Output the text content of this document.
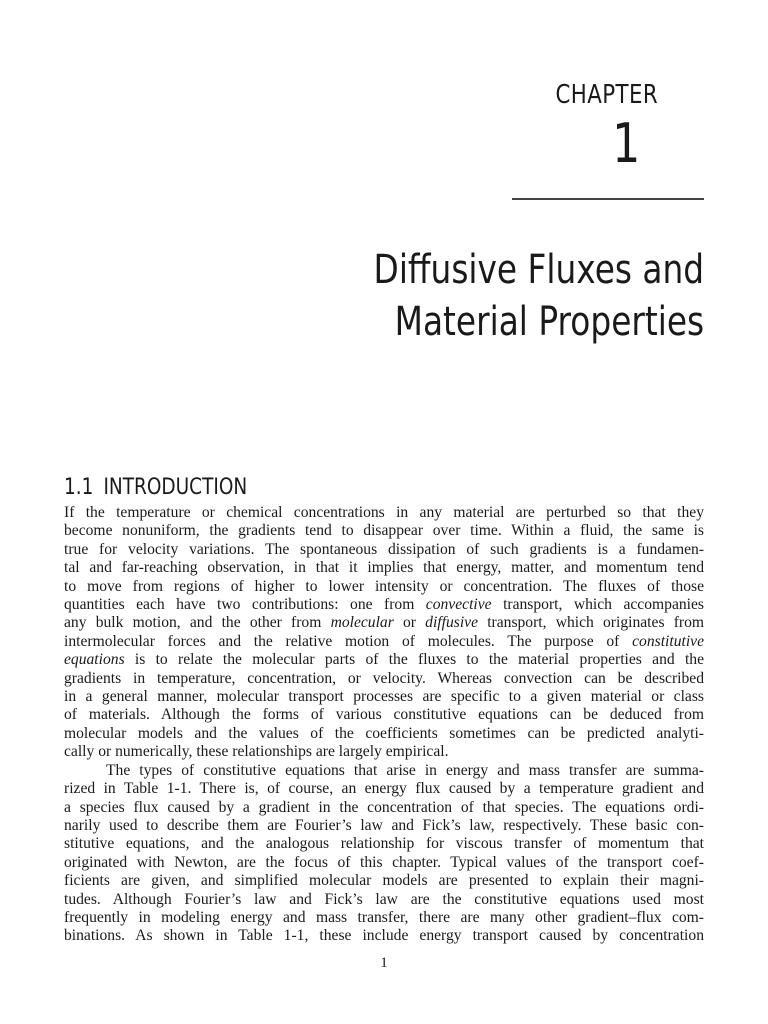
CHAPTER
1
Diffusive Fluxes and
Material Properties
1.1 INTRODUCTION
If the temperature or chemical concentrations in any material are perturbed so that they
become nonuniform, the gradients tend to disappear over time. Within a fluid, the same is
true for velocity variations. The spontaneous dissipation of such gradients is a fundamen-
tal and far-reaching observation, in that it implies that energy, matter, and momentum tend
to move from regions of higher to lower intensity or concentration. The fluxes of those
quantities each have two contributions: one from convective transport, which accompanies
any bulk motion, and the other from molecular or diffusive transport, which originates from
intermolecular forces and the relative motion of molecules. The purpose of constitutive
equations is to relate the molecular parts of the fluxes to the material properties and the
gradients in temperature, concentration, or velocity. Whereas convection can be described
in a general manner, molecular transport processes are specific to a given material or class
of materials. Although the forms of various constitutive equations can be deduced from
molecular models and the values of the coefficients sometimes can be predicted analyti-
cally or numerically, these relationships are largely empirical.
The types of constitutive equations that arise in energy and mass transfer are summa-
rized in Table 1-1. There is, of course, an energy flux caused by a temperature gradient and
a species flux caused by a gradient in the concentration of that species. The equations ordi-
narily used to describe them are Fourier’s law and Fick’s law, respectively. These basic con-
stitutive equations, and the analogous relationship for viscous transfer of momentum that
originated with Newton, are the focus of this chapter. Typical values of the transport coef-
ficients are given, and simplified molecular models are presented to explain their magni-
tudes. Although Fourier’s law and Fick’s law are the constitutive equations used most
frequently in modeling energy and mass transfer, there are many other gradient–flux com-
binations. As shown in Table 1-1, these include energy transport caused by concentration
1
